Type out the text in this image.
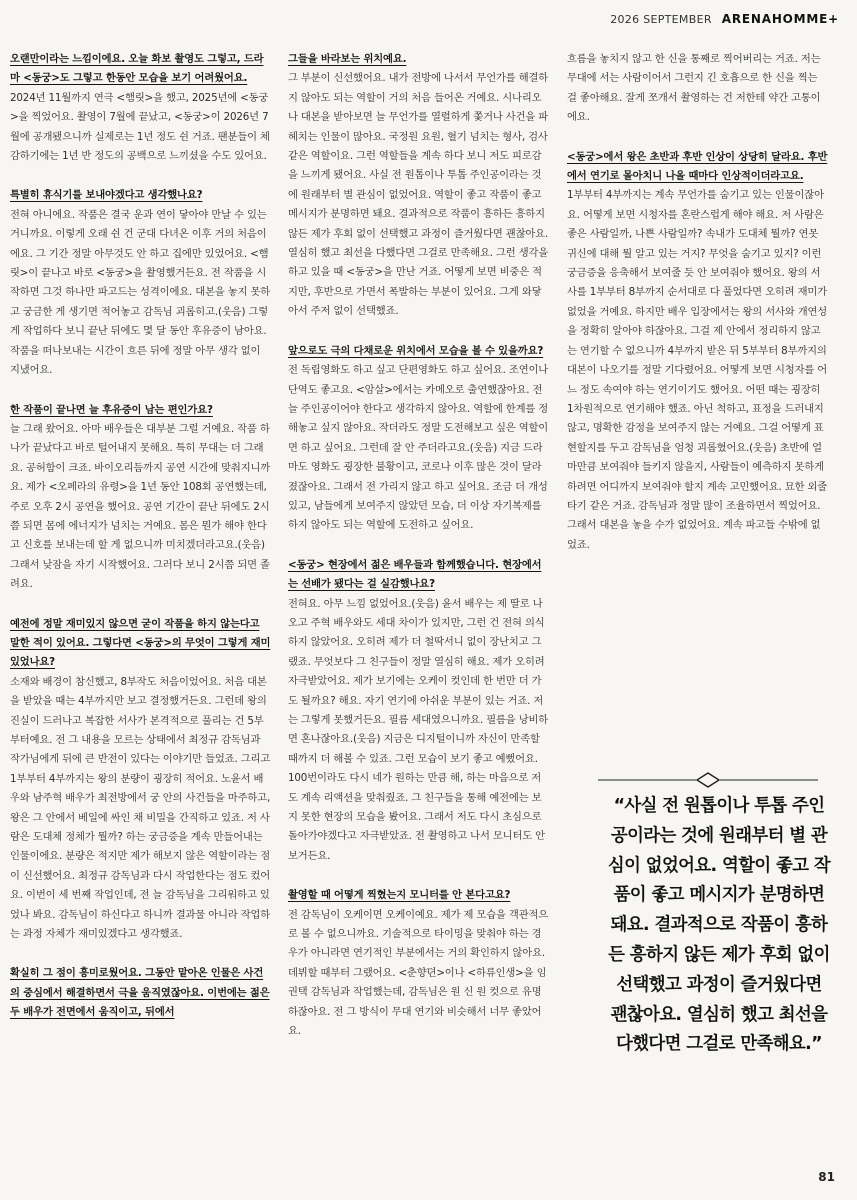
2026 SEPTEMBER ARENAHOMME+

오랜만이라는 느낌이에요. 오늘 화보 촬영도 그렇고, 드라마 <동궁>도 그렇고 한동안 모습을 보기 어려웠어요.

2024년 11월까지 연극 <햄릿>을 했고, 2025년에 <동궁>을 찍었어요. 촬영이 7월에 끝났고, <동궁>이 2026년 7월에 공개됐으니까 실제로는 1년 정도 쉰 거죠. 팬분들이 체감하기에는 1년 반 정도의 공백으로 느끼셨을 수도 있어요.

특별히 휴식기를 보내야겠다고 생각했나요?

전혀 아니에요. 작품은 결국 운과 연이 닿아야 만날 수 있는 거니까요. 이렇게 오래 쉰 건 군대 다녀온 이후 거의 처음이에요. 그 기간 정말 아무것도 안 하고 집에만 있었어요. <햄릿>이 끝나고 바로 <동궁>을 촬영했거든요. 전 작품을 시작하면 그것 하나만 파고드는 성격이에요. 대본을 놓지 못하고 궁금한 게 생기면 적어놓고 감독님 괴롭히고.(웃음) 그렇게 작업하다 보니 끝난 뒤에도 몇 달 동안 후유증이 남아요. 작품을 떠나보내는 시간이 흐른 뒤에 정말 아무 생각 없이 지냈어요.

한 작품이 끝나면 늘 후유증이 남는 편인가요?

늘 그래 왔어요. 아마 배우들은 대부분 그럴 거예요. 작품 하나가 끝났다고 바로 털어내지 못해요. 특히 무대는 더 그래요. 공허함이 크죠. 바이오리듬까지 공연 시간에 맞춰지니까요. 제가 <오페라의 유령>을 1년 동안 108회 공연했는데, 주로 오후 2시 공연을 했어요. 공연 기간이 끝난 뒤에도 2시쯤 되면 몸에 에너지가 넘치는 거예요. 몸은 뭔가 해야 한다고 신호를 보내는데 할 게 없으니까 미치겠더라고요.(웃음) 그래서 낮잠을 자기 시작했어요. 그러다 보니 2시쯤 되면 졸려요.

예전에 정말 재미있지 않으면 굳이 작품을 하지 않는다고 말한 적이 있어요. 그렇다면 <동궁>의 무엇이 그렇게 재미있었나요?

소재와 배경이 참신했고, 8부작도 처음이었어요. 처음 대본을 받았을 때는 4부까지만 보고 결정했거든요. 그런데 왕의 진실이 드러나고 복잡한 서사가 본격적으로 풀리는 건 5부부터예요. 전 그 내용을 모르는 상태에서 최정규 감독님과 작가님에게 뒤에 큰 반전이 있다는 이야기만 들었죠. 그리고 1부부터 4부까지는 왕의 분량이 굉장히 적어요. 노윤서 배우와 남주혁 배우가 최전방에서 궁 안의 사건들을 마주하고, 왕은 그 안에서 베일에 싸인 채 비밀을 간직하고 있죠. 저 사람은 도대체 정체가 뭘까? 하는 궁금증을 계속 만들어내는 인물이에요. 분량은 적지만 제가 해보지 않은 역할이라는 점이 신선했어요. 최정규 감독님과 다시 작업한다는 점도 컸어요. 이번이 세 번째 작업인데, 전 늘 감독님을 그리워하고 있었나 봐요. 감독님이 하신다고 하니까 결과물 아니라 작업하는 과정 자체가 재미있겠다고 생각했죠.

확실히 그 점이 흥미로웠어요. 그동안 맡아온 인물은 사건의 중심에서 해결하면서 극을 움직였잖아요. 이번에는 젊은 두 배우가 전면에서 움직이고, 뒤에서

그들을 바라보는 위치예요.

그 부분이 신선했어요. 내가 전방에 나서서 무언가를 해결하지 않아도 되는 역할이 거의 처음 들어온 거예요. 시나리오나 대본을 받아보면 늘 무언가를 열렬하게 쫓거나 사건을 파헤치는 인물이 많아요. 국정원 요원, 혈기 넘치는 형사, 검사 같은 역할이요. 그런 역할들을 계속 하다 보니 저도 피로감을 느끼게 됐어요. 사실 전 원톱이나 투톱 주인공이라는 것에 원래부터 별 관심이 없었어요. 역할이 좋고 작품이 좋고 메시지가 분명하면 돼요. 결과적으로 작품이 흥하든 흥하지 않든 제가 후회 없이 선택했고 과정이 즐거웠다면 괜찮아요. 열심히 했고 최선을 다했다면 그걸로 만족해요. 그런 생각을 하고 있을 때 <동궁>을 만난 거죠. 어떻게 보면 비중은 적지만, 후반으로 가면서 폭발하는 부분이 있어요. 그게 와닿아서 주저 없이 선택했죠.

앞으로도 극의 다채로운 위치에서 모습을 볼 수 있을까요?

전 독립영화도 하고 싶고 단편영화도 하고 싶어요. 조연이나 단역도 좋고요. <암살>에서는 카메오로 출연했잖아요. 전 늘 주인공이어야 한다고 생각하지 않아요. 역할에 한계를 정해놓고 싶지 않아요. 작더라도 정말 도전해보고 싶은 역할이면 하고 싶어요. 그런데 잘 안 주더라고요.(웃음) 지금 드라마도 영화도 굉장한 불황이고, 코로나 이후 많은 것이 달라졌잖아요. 그래서 전 가리지 않고 하고 싶어요. 조금 더 개성 있고, 남들에게 보여주지 않았던 모습, 더 이상 자기복제를 하지 않아도 되는 역할에 도전하고 싶어요.

<동궁> 현장에서 젊은 배우들과 함께했습니다. 현장에서는 선배가 됐다는 걸 실감했나요?

전혀요. 아무 느낌 없었어요.(웃음) 윤서 배우는 제 딸로 나오고 주혁 배우와도 세대 차이가 있지만, 그런 건 전혀 의식하지 않았어요. 오히려 제가 더 철딱서니 없이 장난치고 그랬죠. 무엇보다 그 친구들이 정말 열심히 해요. 제가 오히려 자극받았어요. 제가 보기에는 오케이 컷인데 한 번만 더 가도 될까요? 해요. 자기 연기에 아쉬운 부분이 있는 거죠. 저는 그렇게 못했거든요. 필름 세대였으니까요. 필름을 낭비하면 혼나잖아요.(웃음) 지금은 디지털이니까 자신이 만족할 때까지 더 해볼 수 있죠. 그런 모습이 보기 좋고 예뻤어요. 100번이라도 다시 네가 원하는 만큼 해, 하는 마음으로 저도 계속 리액션을 맞춰줬죠. 그 친구들을 통해 예전에는 보지 못한 현장의 모습을 봤어요. 그래서 저도 다시 초심으로 돌아가야겠다고 자극받았죠. 전 촬영하고 나서 모니터도 안 보거든요.

촬영할 때 어떻게 찍혔는지 모니터를 안 본다고요?

전 감독님이 오케이면 오케이예요. 제가 제 모습을 객관적으로 볼 수 없으니까요. 기술적으로 타이밍을 맞춰야 하는 경우가 아니라면 연기적인 부분에서는 거의 확인하지 않아요. 데뷔할 때부터 그랬어요. <춘향뎐>이나 <하류인생>을 임권택 감독님과 작업했는데, 감독님은 원 신 원 컷으로 유명하잖아요. 전 그 방식이 무대 연기와 비슷해서 너무 좋았어요.

흐름을 놓치지 않고 한 신을 통째로 찍어버리는 거죠. 저는 무대에 서는 사람이어서 그런지 긴 호흡으로 한 신을 찍는 걸 좋아해요. 잘게 쪼개서 촬영하는 건 저한테 약간 고통이에요.

<동궁>에서 왕은 초반과 후반 인상이 상당히 달라요. 후반에서 연기로 몰아치니 나올 때마다 인상적이더라고요.

1부부터 4부까지는 계속 무언가를 숨기고 있는 인물이잖아요. 어떻게 보면 시청자를 혼란스럽게 해야 해요. 저 사람은 좋은 사람일까, 나쁜 사람일까? 속내가 도대체 뭘까? 연못 귀신에 대해 뭘 알고 있는 거지? 무엇을 숨기고 있지? 이런 궁금증을 응축해서 보여줄 듯 안 보여줘야 했어요. 왕의 서사를 1부부터 8부까지 순서대로 다 풀었다면 오히려 재미가 없었을 거예요. 하지만 배우 입장에서는 왕의 서사와 개연성을 정확히 알아야 하잖아요. 그걸 제 안에서 정리하지 않고는 연기할 수 없으니까 4부까지 받은 뒤 5부부터 8부까지의 대본이 나오기를 정말 기다렸어요. 어떻게 보면 시청자를 어느 정도 속여야 하는 연기이기도 했어요. 어떤 때는 굉장히 1차원적으로 연기해야 했죠. 아닌 척하고, 표정을 드러내지 않고, 명확한 감정을 보여주지 않는 거예요. 그걸 어떻게 표현할지를 두고 감독님을 엄청 괴롭혔어요.(웃음) 초반에 얼마만큼 보여줘야 들키지 않을지, 사람들이 예측하지 못하게 하려면 어디까지 보여줘야 할지 계속 고민했어요. 묘한 외줄타기 같은 거죠. 감독님과 정말 많이 조율하면서 찍었어요. 그래서 대본을 놓을 수가 없었어요. 계속 파고들 수밖에 없었죠.

“사실 전 원톱이나 투톱 주인공이라는 것에 원래부터 별 관심이 없었어요. 역할이 좋고 작품이 좋고 메시지가 분명하면 돼요. 결과적으로 작품이 흥하든 흥하지 않든 제가 후회 없이 선택했고 과정이 즐거웠다면 괜찮아요. 열심히 했고 최선을 다했다면 그걸로 만족해요.”

81
